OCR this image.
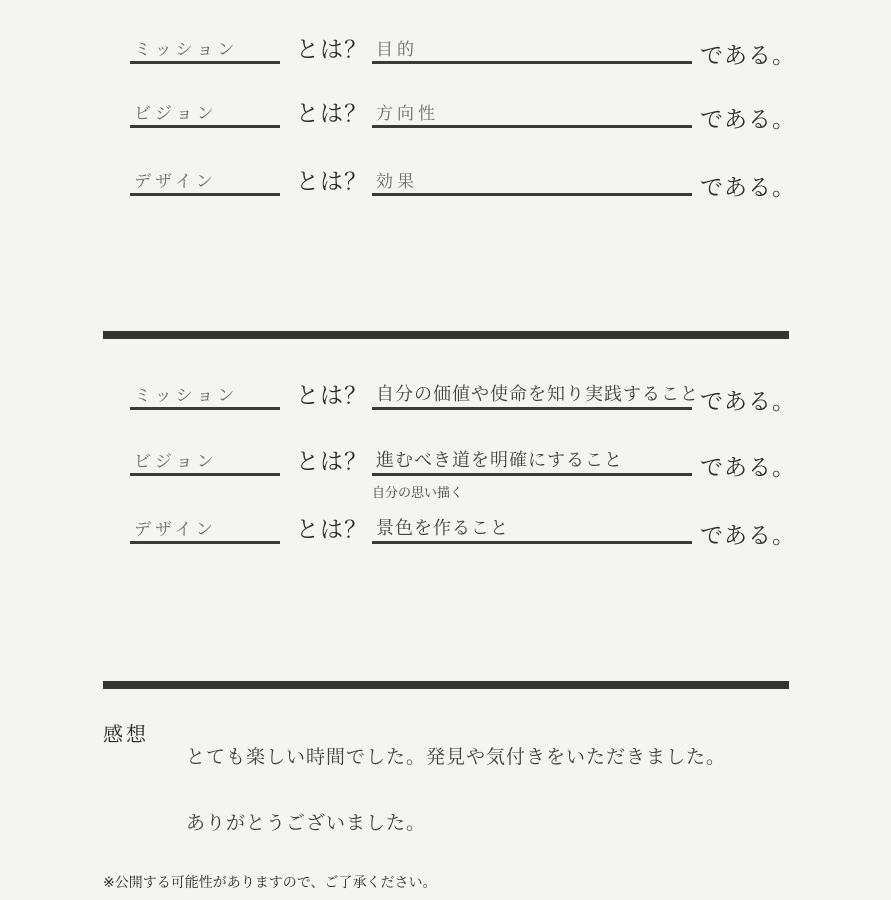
ミッション	とは？ 目的	である。
ビジョン	とは？ 方向性	である。
デザイン	とは？ 効果	である。
ミッション	とは？ 自分の価値や使命を知り実践すること である。
ビジョン	とは？ 進むべき道を明確にすること	である。
自分の思い描く
デザイン	とは？ 景色を作ること	である。
感想
とても楽しい時間でした。発見や気付きをいただきました。
ありがとうございました。
※公開する可能性がありますので、ご了承ください。
